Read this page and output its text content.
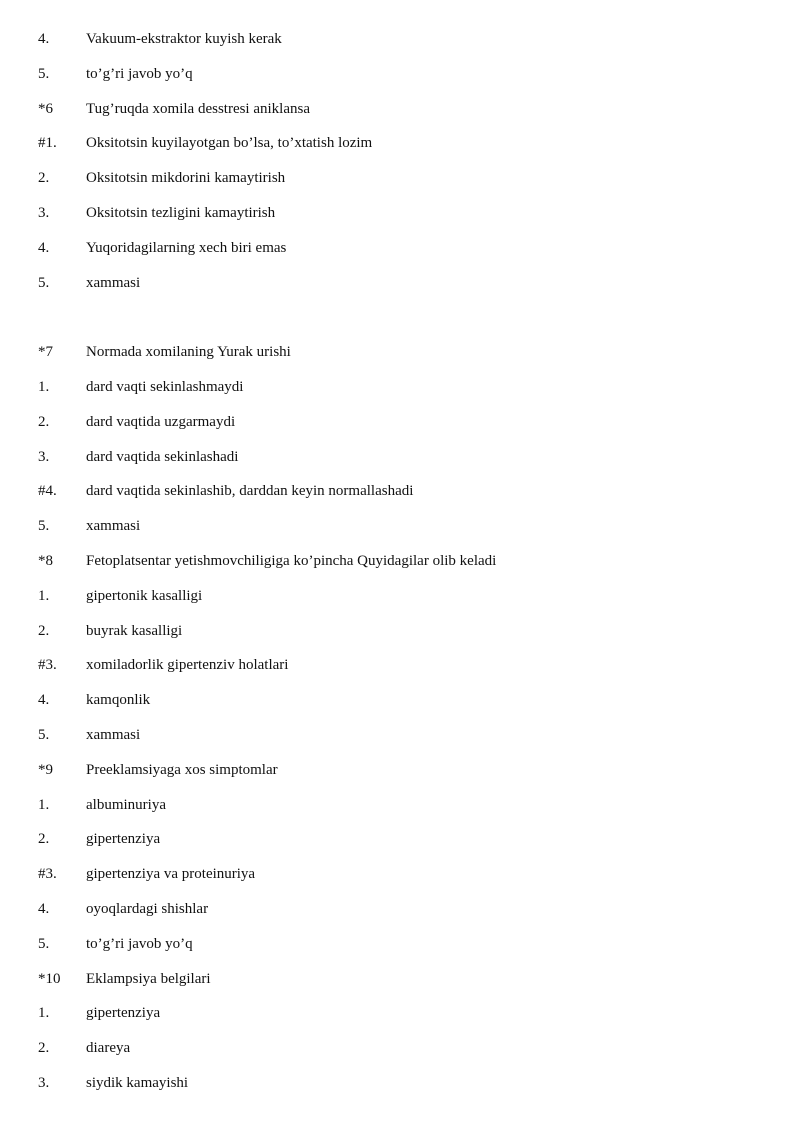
4. Vakuum-ekstraktor kuyish kerak
5. to’g’ri javob yo’q
*6 Tug’ruqda xomila desstresi aniklansa
#1. Oksitotsin kuyilayotgan bo’lsa, to’xtatish lozim
2. Oksitotsin mikdorini kamaytirish
3. Oksitotsin tezligini kamaytirish
4. Yuqoridagilarning xech biri emas
5. xammasi
*7 Normada xomilaning Yurak urishi
1. dard vaqti sekinlashmaydi
2. dard vaqtida uzgarmaydi
3. dard vaqtida sekinlashadi
#4. dard vaqtida sekinlashib, darddan keyin normallashadi
5. xammasi
*8 Fetoplatsentar yetishmovchiligiga ko’pincha Quyidagilar olib keladi
1. gipertonik kasalligi
2. buyrak kasalligi
#3. xomiladorlik gipertenziv holatlari
4. kamqonlik
5. xammasi
*9 Preeklamsiyaga xos simptomlar
1. albuminuriya
2. gipertenziya
#3. gipertenziya va proteinuriya
4. oyoqlardagi shishlar
5. to’g’ri javob yo’q
*10 Eklampsiya belgilari
1. gipertenziya
2. diareya
3. siydik kamayishi
